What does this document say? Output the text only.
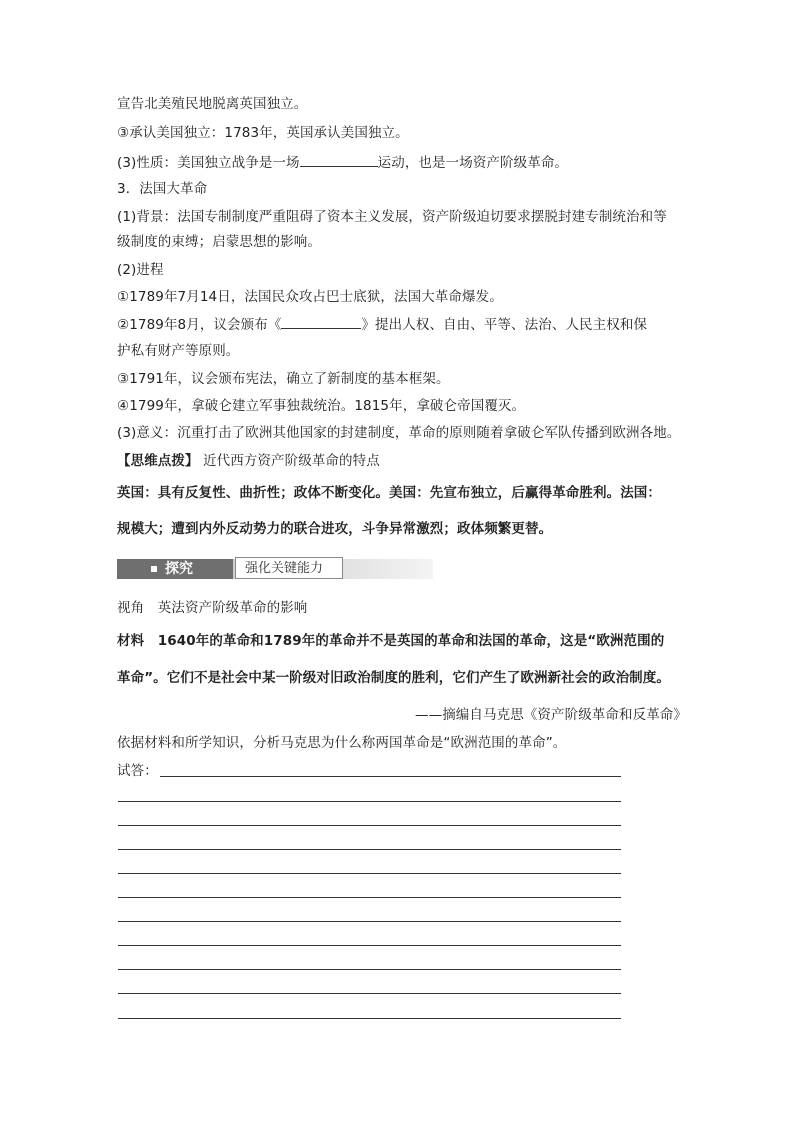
宣告北美殖民地脱离英国独立。
③承认美国独立：1783年，英国承认美国独立。
(3)性质：美国独立战争是一场	运动，也是一场资产阶级革命。
3．法国大革命
(1)背景：法国专制制度严重阻碍了资本主义发展，资产阶级迫切要求摆脱封建专制统治和等
级制度的束缚；启蒙思想的影响。
(2)进程
①1789年7月14日，法国民众攻占巴士底狱，法国大革命爆发。
②1789年8月，议会颁布《	》提出人权、自由、平等、法治、人民主权和保
护私有财产等原则。
③1791年，议会颁布宪法，确立了新制度的基本框架。
④1799年，拿破仑建立军事独裁统治。1815年，拿破仑帝国覆灭。
(3)意义：沉重打击了欧洲其他国家的封建制度，革命的原则随着拿破仑军队传播到欧洲各地。
【思维点拨】 近代西方资产阶级革命的特点
英国：具有反复性、曲折性；政体不断变化。美国：先宣布独立，后赢得革命胜利。法国：
规模大；遭到内外反动势力的联合进攻，斗争异常激烈；政体频繁更替。
探究	强化关键能力
视角　英法资产阶级革命的影响
材料　1640年的革命和1789年的革命并不是英国的革命和法国的革命，这是“欧洲范围的
革命”。它们不是社会中某一阶级对旧政治制度的胜利，它们产生了欧洲新社会的政治制度。
——摘编自马克思《资产阶级革命和反革命》
依据材料和所学知识，分析马克思为什么称两国革命是“欧洲范围的革命”。
试答：
